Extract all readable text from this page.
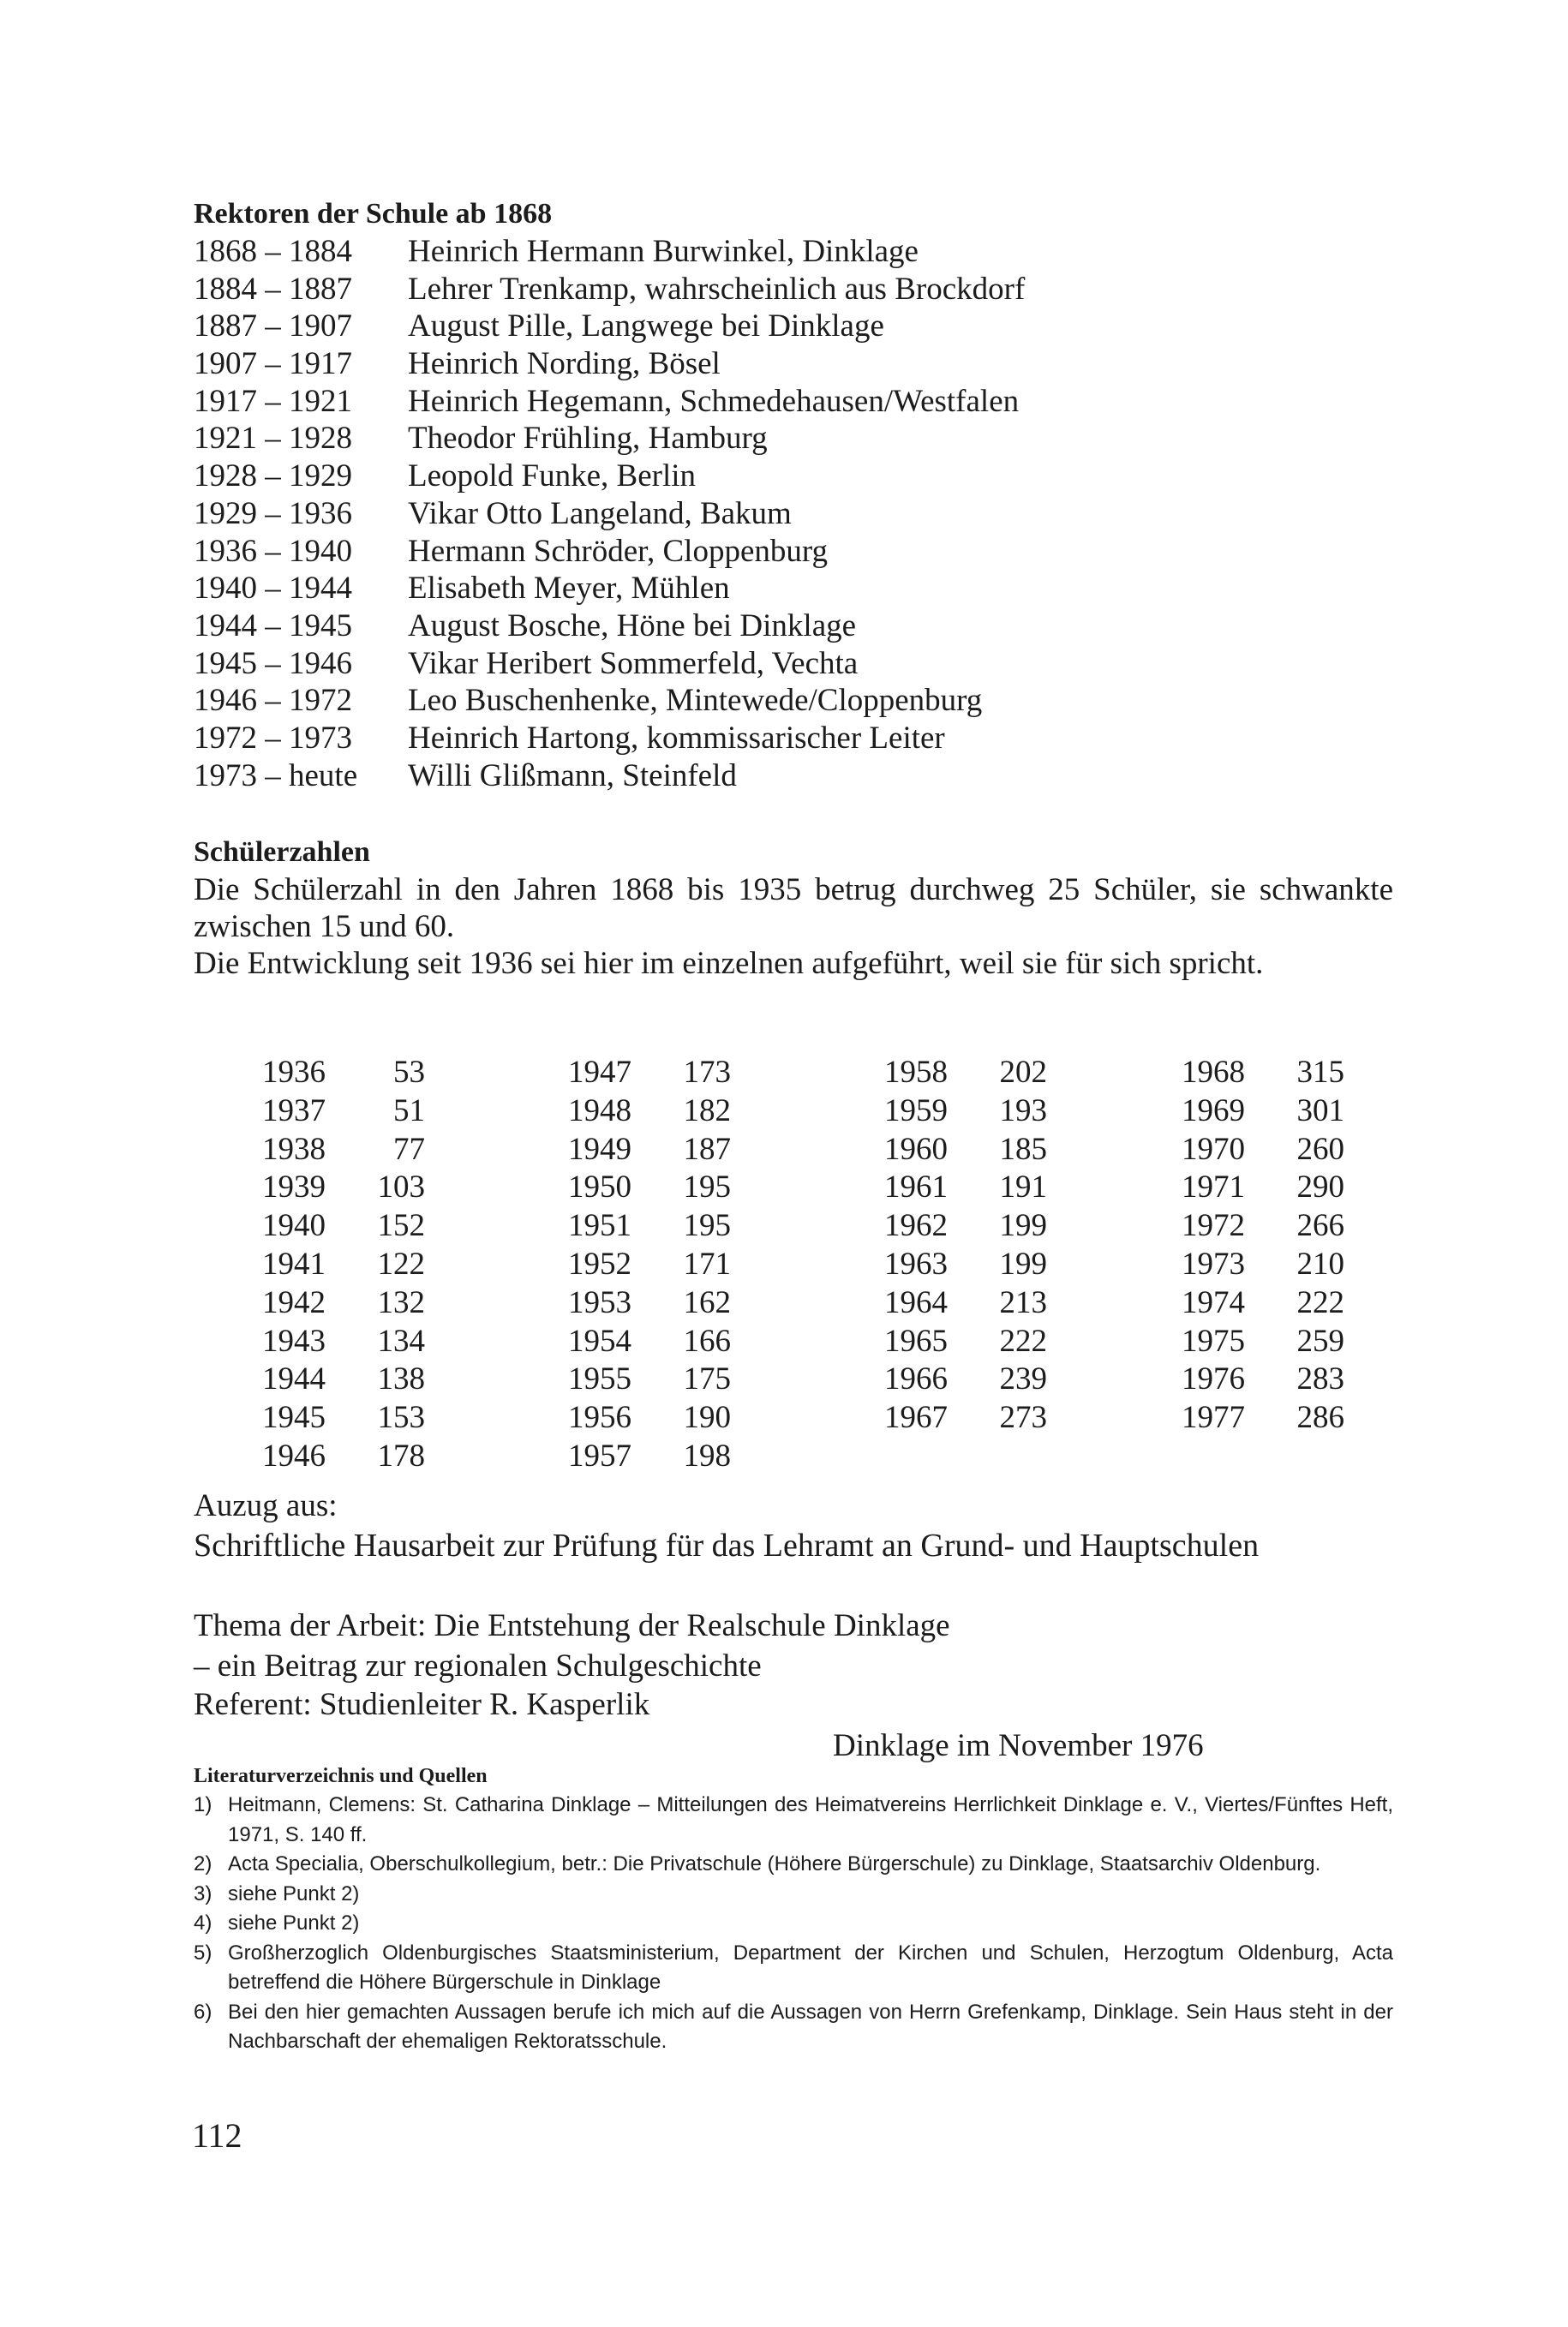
Rektoren der Schule ab 1868
1868 – 1884 Heinrich Hermann Burwinkel, Dinklage
1884 – 1887 Lehrer Trenkamp, wahrscheinlich aus Brockdorf
1887 – 1907 August Pille, Langwege bei Dinklage
1907 – 1917 Heinrich Nording, Bösel
1917 – 1921 Heinrich Hegemann, Schmedehausen/Westfalen
1921 – 1928 Theodor Frühling, Hamburg
1928 – 1929 Leopold Funke, Berlin
1929 – 1936 Vikar Otto Langeland, Bakum
1936 – 1940 Hermann Schröder, Cloppenburg
1940 – 1944 Elisabeth Meyer, Mühlen
1944 – 1945 August Bosche, Höne bei Dinklage
1945 – 1946 Vikar Heribert Sommerfeld, Vechta
1946 – 1972 Leo Buschenhenke, Mintewede/Cloppenburg
1972 – 1973 Heinrich Hartong, kommissarischer Leiter
1973 – heute Willi Glißmann, Steinfeld
Schülerzahlen
Die Schülerzahl in den Jahren 1868 bis 1935 betrug durchweg 25 Schüler, sie schwankte zwischen 15 und 60.
Die Entwicklung seit 1936 sei hier im einzelnen aufgeführt, weil sie für sich spricht.
1936 53
1937 51
1938 77
1939 103
1940 152
1941 122
1942 132
1943 134
1944 138
1945 153
1946 178
1947 173
1948 182
1949 187
1950 195
1951 195
1952 171
1953 162
1954 166
1955 175
1956 190
1957 198
1958 202
1959 193
1960 185
1961 191
1962 199
1963 199
1964 213
1965 222
1966 239
1967 273
1968 315
1969 301
1970 260
1971 290
1972 266
1973 210
1974 222
1975 259
1976 283
1977 286
Auzug aus:
Schriftliche Hausarbeit zur Prüfung für das Lehramt an Grund- und Hauptschulen
Thema der Arbeit: Die Entstehung der Realschule Dinklage
– ein Beitrag zur regionalen Schulgeschichte
Referent: Studienleiter R. Kasperlik
Dinklage im November 1976
Literaturverzeichnis und Quellen
1) Heitmann, Clemens: St. Catharina Dinklage – Mitteilungen des Heimatvereins Herrlichkeit Dinklage e. V., Viertes/Fünftes Heft, 1971, S. 140 ff.
2) Acta Specialia, Oberschulkollegium, betr.: Die Privatschule (Höhere Bürgerschule) zu Dinklage, Staatsarchiv Oldenburg.
3) siehe Punkt 2)
4) siehe Punkt 2)
5) Großherzoglich Oldenburgisches Staatsministerium, Department der Kirchen und Schulen, Herzogtum Oldenburg, Acta betreffend die Höhere Bürgerschule in Dinklage
6) Bei den hier gemachten Aussagen berufe ich mich auf die Aussagen von Herrn Grefenkamp, Dinklage. Sein Haus steht in der Nachbarschaft der ehemaligen Rektoratsschule.
112
